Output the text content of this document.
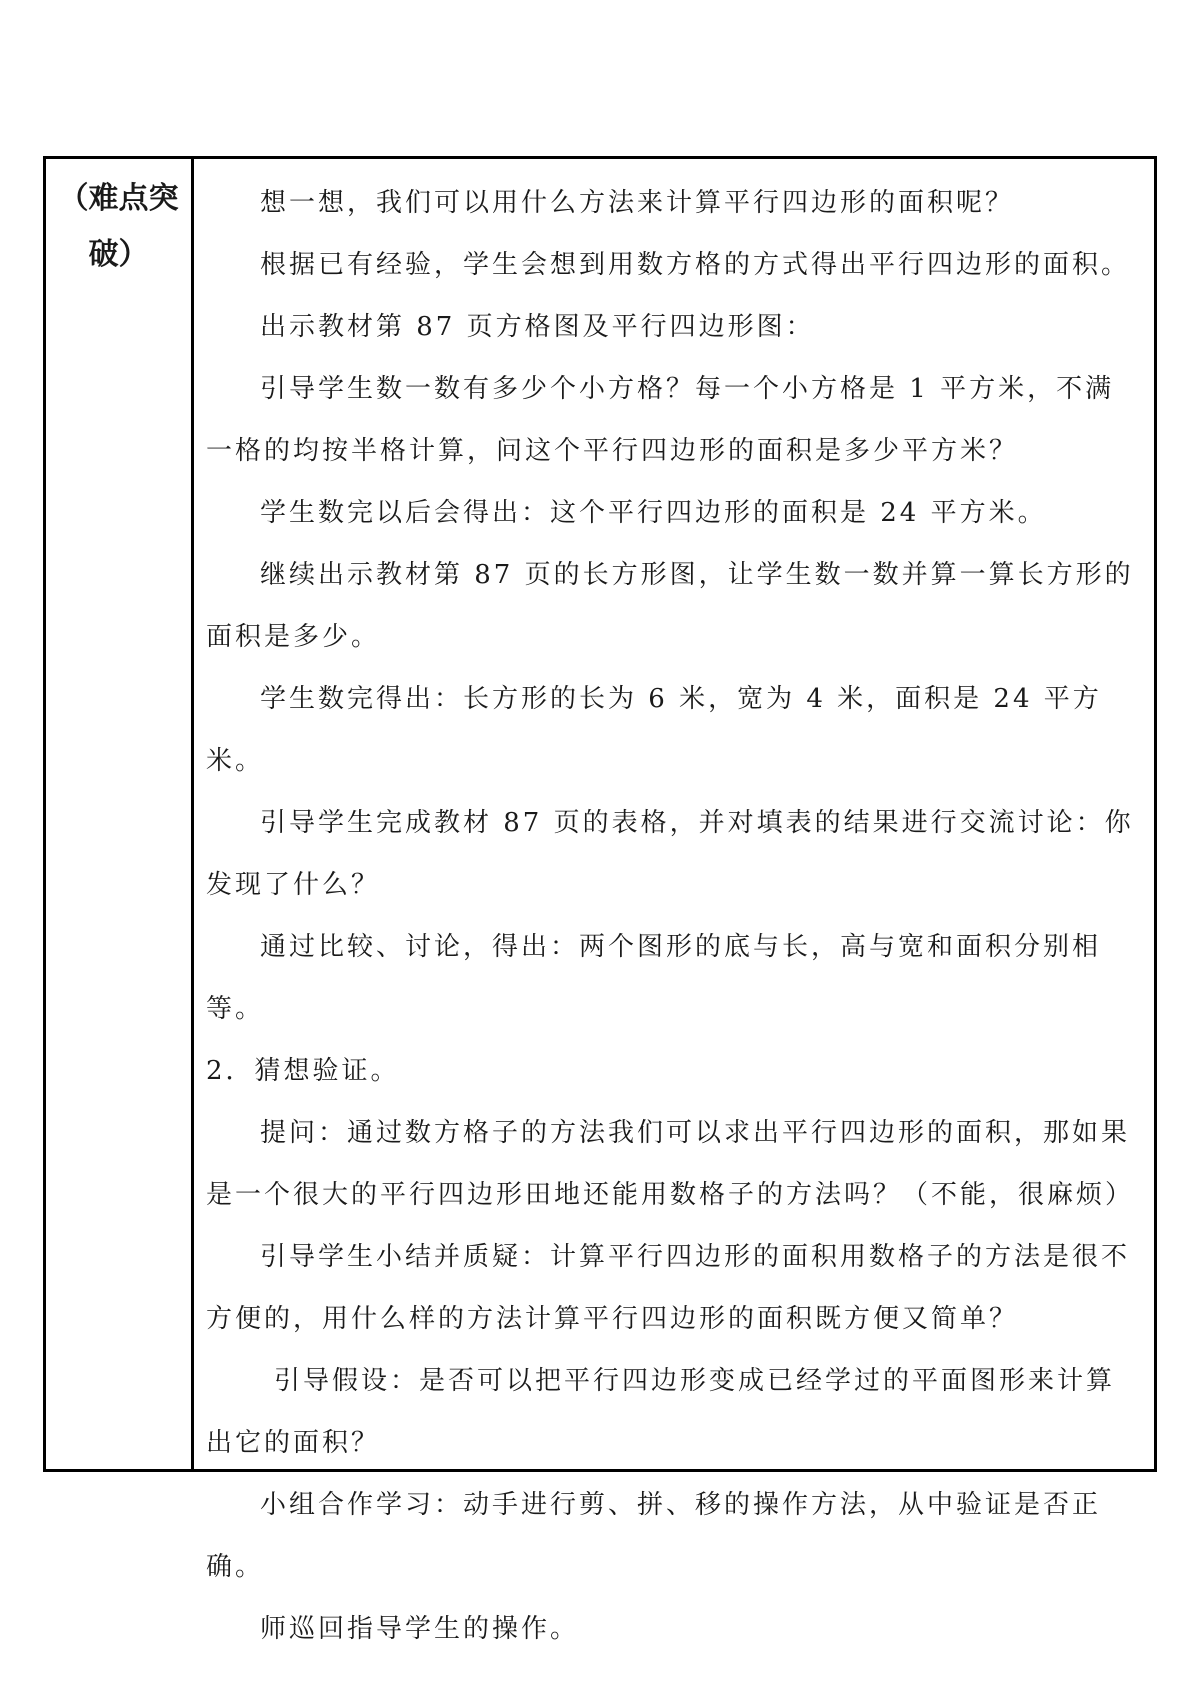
（难点突

破）

想一想，我们可以用什么方法来计算平行四边形的面积呢？

根据已有经验，学生会想到用数方格的方式得出平行四边形的面积。

出示教材第 87 页方格图及平行四边形图：

引导学生数一数有多少个小方格？每一个小方格是 1 平方米，不满一格的均按半格计算，问这个平行四边形的面积是多少平方米？

学生数完以后会得出：这个平行四边形的面积是 24 平方米。

继续出示教材第 87 页的长方形图，让学生数一数并算一算长方形的面积是多少。

学生数完得出：长方形的长为 6 米，宽为 4 米，面积是 24 平方米。

引导学生完成教材 87 页的表格，并对填表的结果进行交流讨论：你发现了什么？

通过比较、讨论，得出：两个图形的底与长，高与宽和面积分别相等。

2．猜想验证。

提问：通过数方格子的方法我们可以求出平行四边形的面积，那如果是一个很大的平行四边形田地还能用数格子的方法吗？（不能，很麻烦）

引导学生小结并质疑：计算平行四边形的面积用数格子的方法是很不方便的，用什么样的方法计算平行四边形的面积既方便又简单？

引导假设：是否可以把平行四边形变成已经学过的平面图形来计算出它的面积？

小组合作学习：动手进行剪、拼、移的操作方法，从中验证是否正确。

师巡回指导学生的操作。
